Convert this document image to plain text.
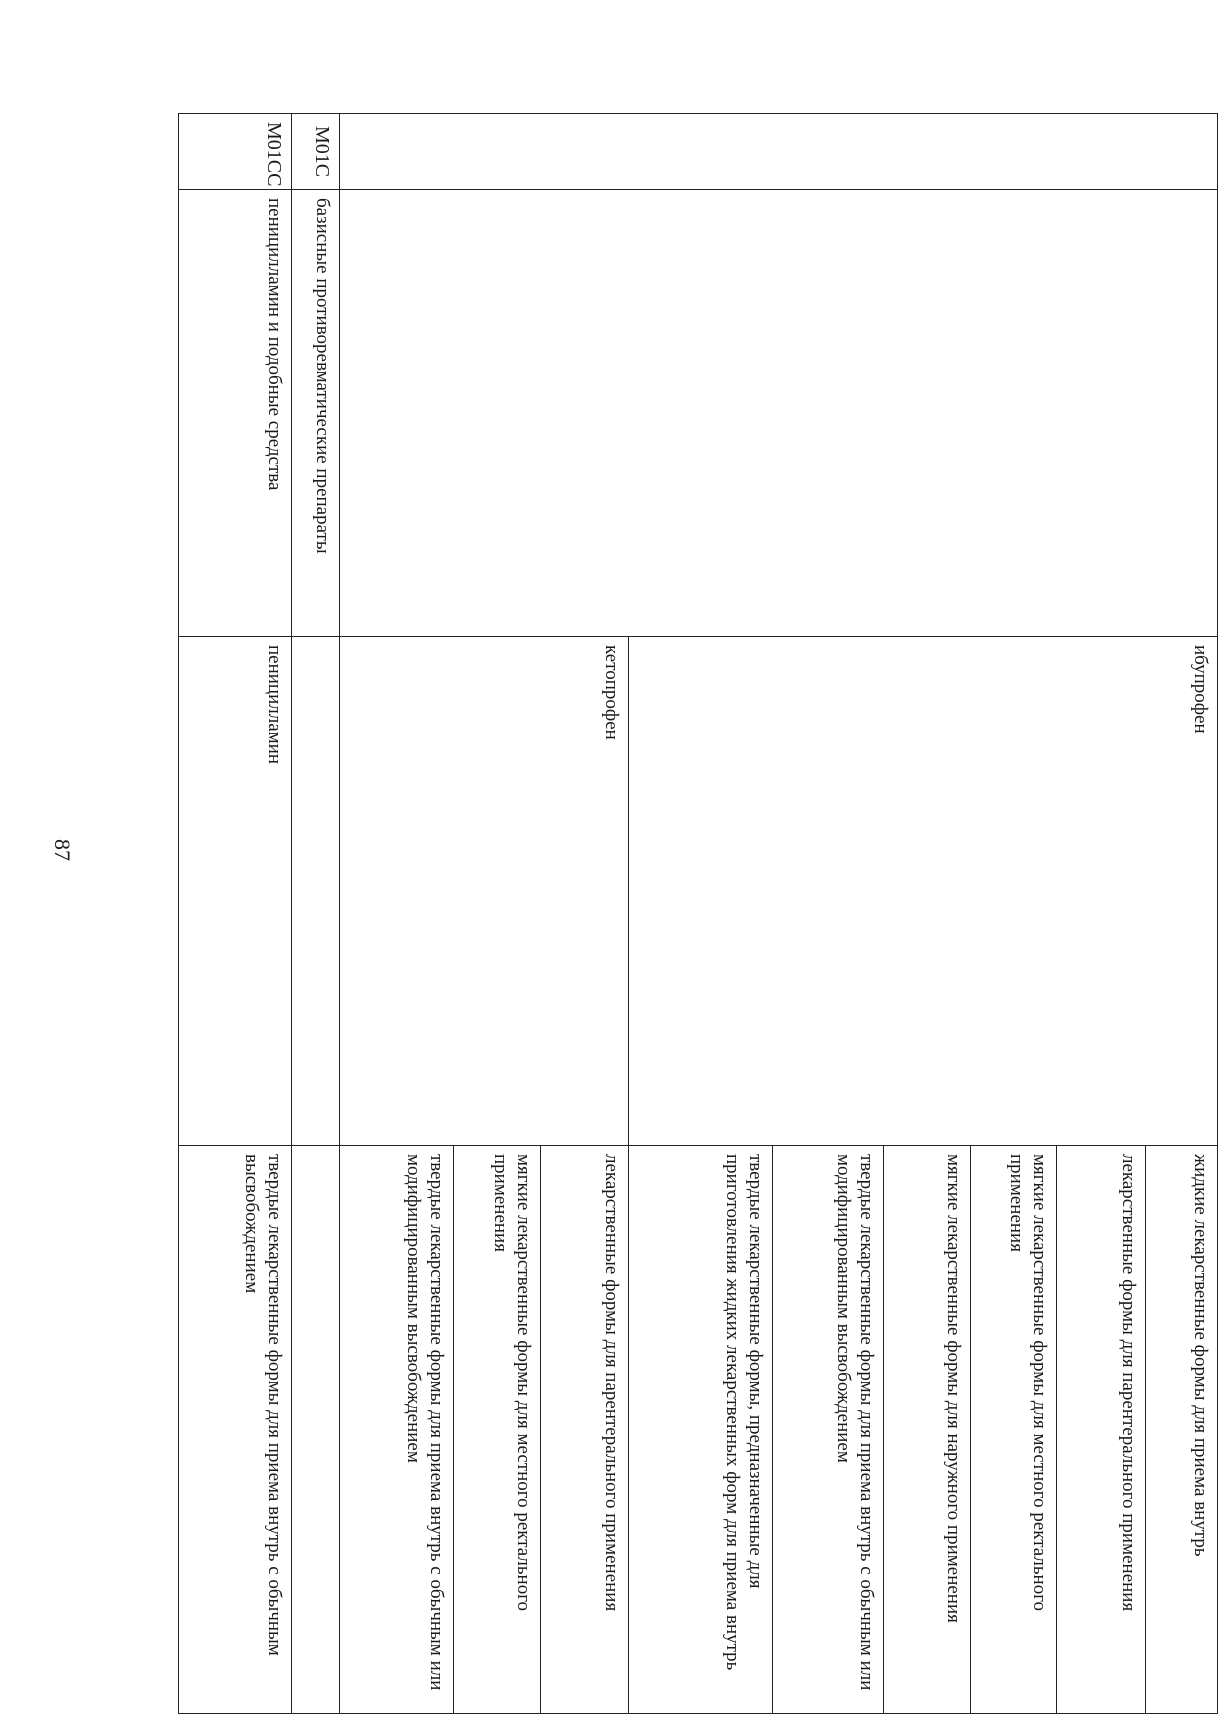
87
		ибупрофен	жидкие лекарственные формы для приема внутрь
			лекарственные формы для парентерального применения
			мягкие лекарственные формы для местного ректального применения
			мягкие лекарственные формы для наружного применения
			твердые лекарственные формы для приема внутрь с обычным или модифицированным высвобождением
			твердые лекарственные формы, предназначенные для приготовления жидких лекарственных форм для приема внутрь
		кетопрофен	лекарственные формы для парентерального применения
			мягкие лекарственные формы для местного ректального применения
			твердые лекарственные формы для приема внутрь с обычным или модифицированным высвобождением
М01С	базисные противоревматические препараты		
М01СС	пеницилламин и подобные средства	пеницилламин	твердые лекарственные формы для приема внутрь с обычным высвобождением
